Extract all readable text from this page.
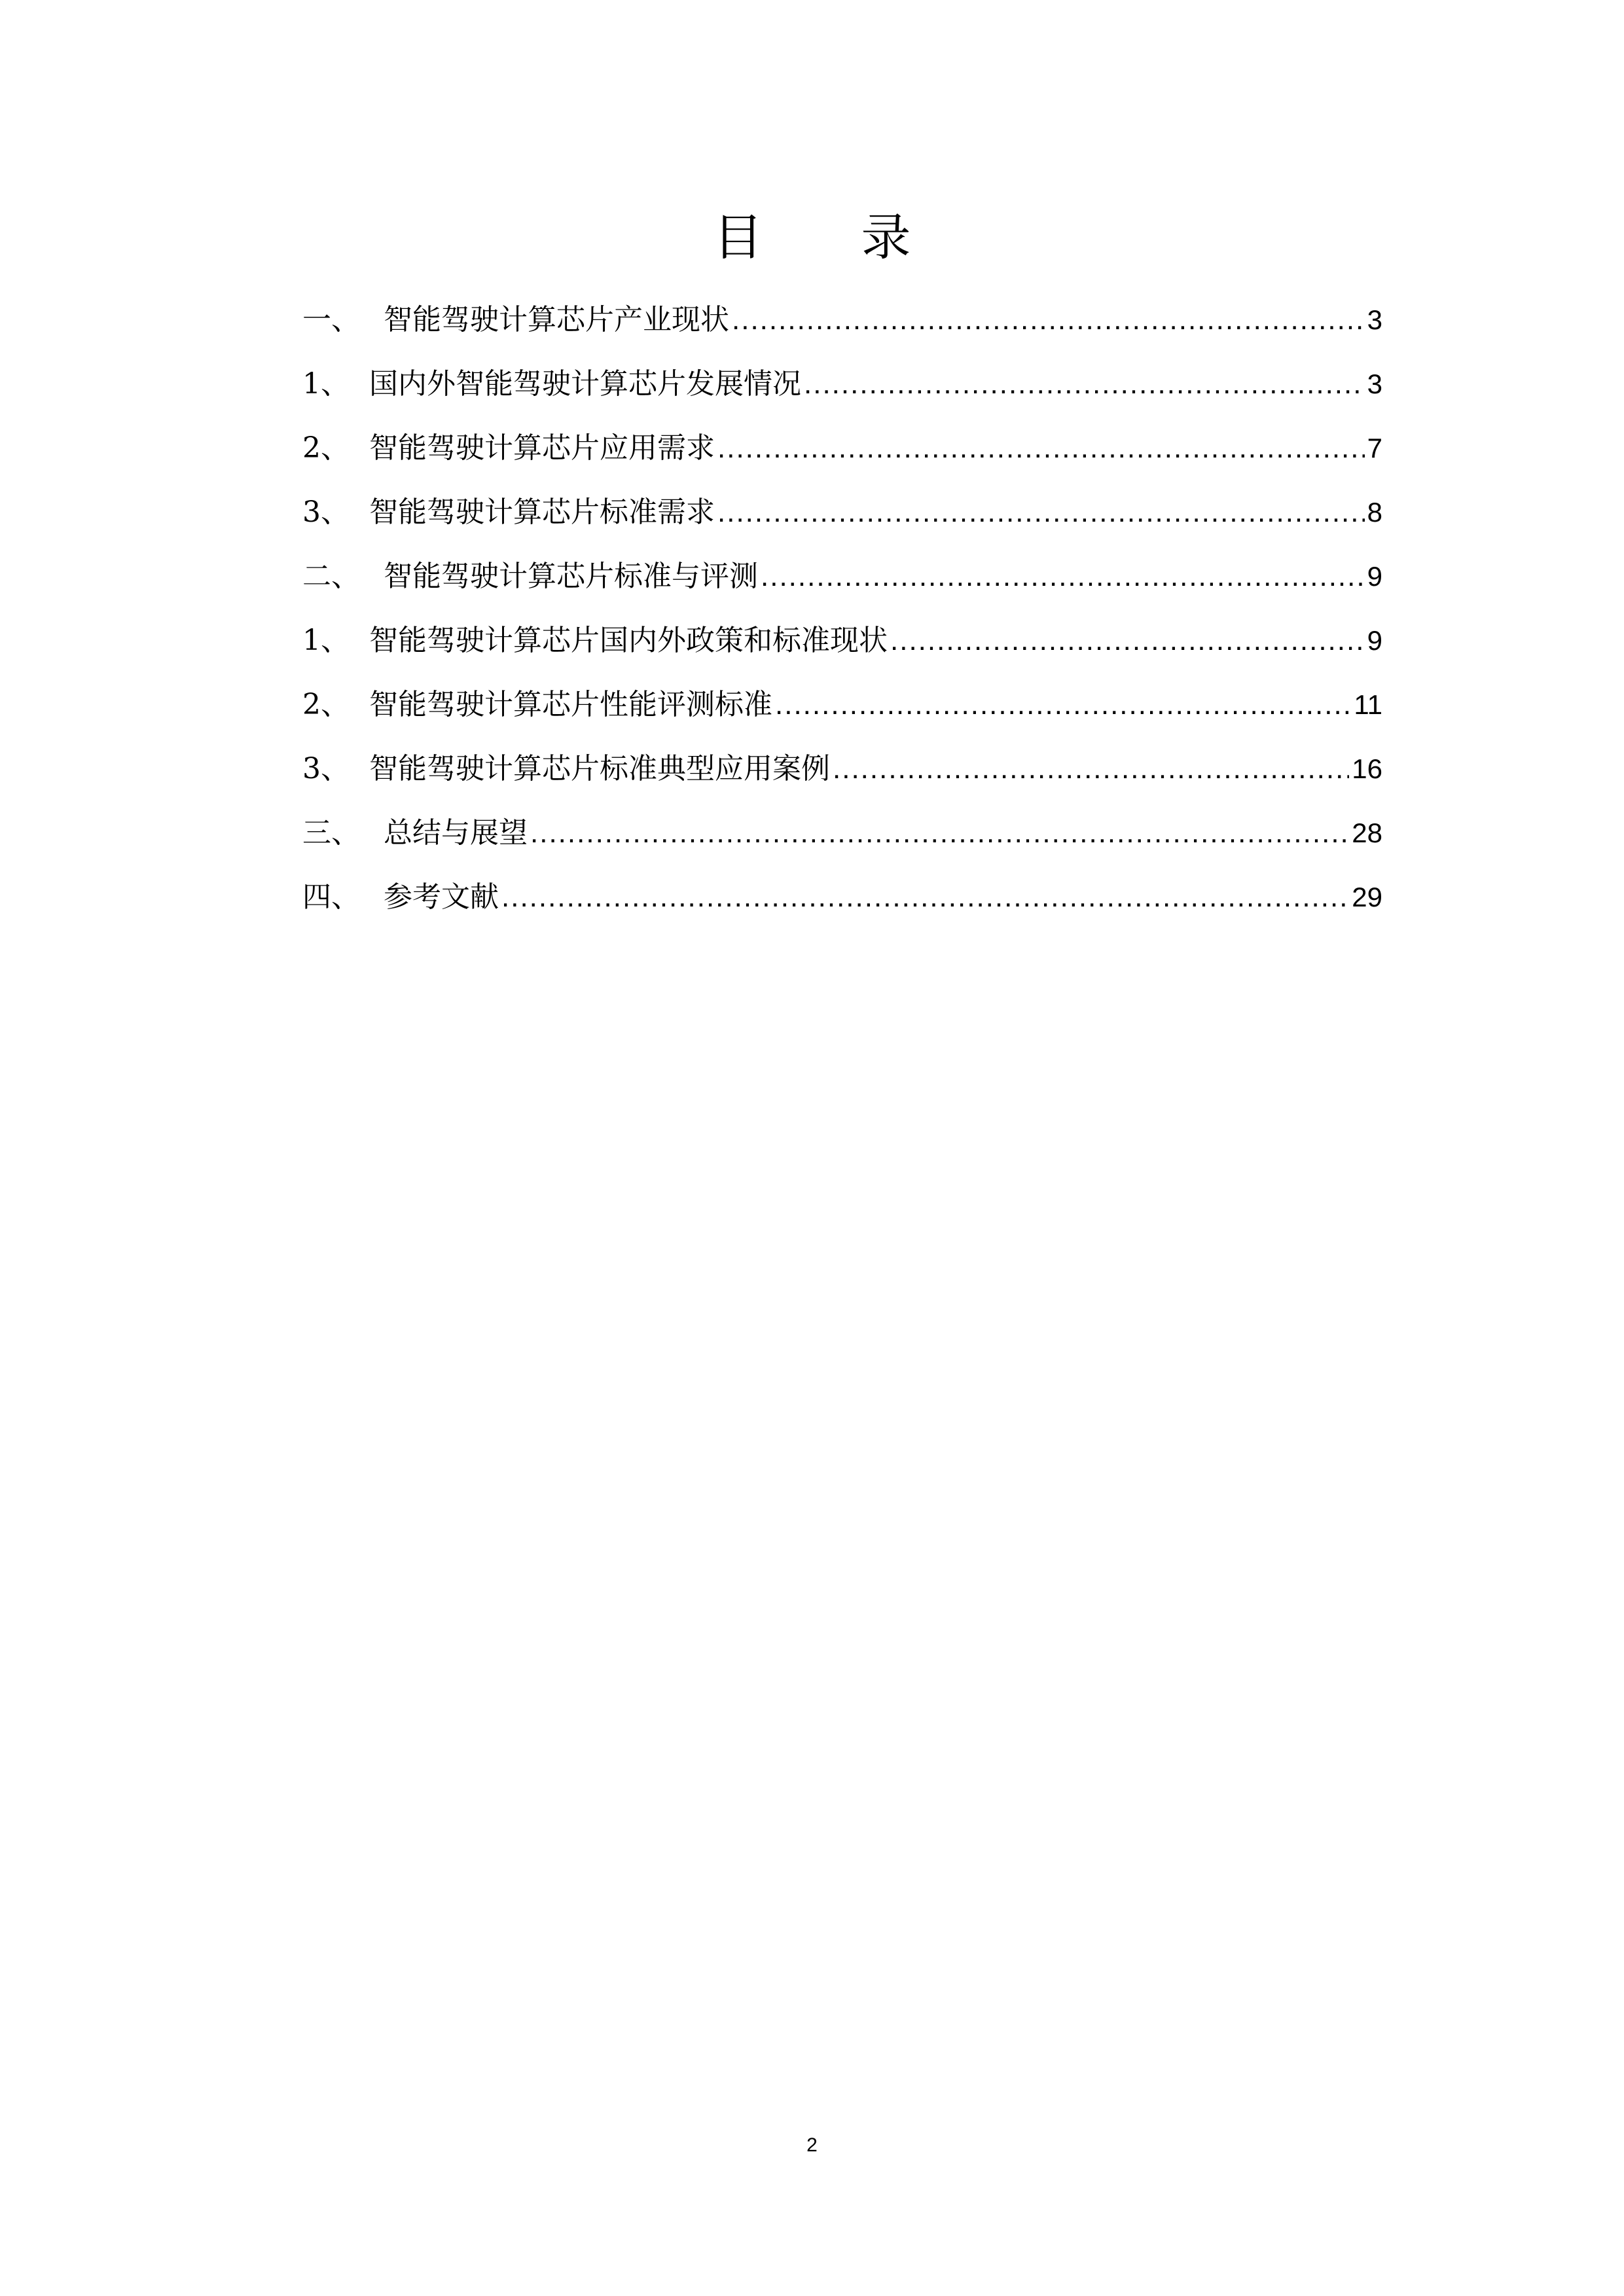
目 录
一、 智能驾驶计算芯片产业现状 .....	3
1、 国内外智能驾驶计算芯片发展情况 .....	3
2、 智能驾驶计算芯片应用需求 .....	7
3、 智能驾驶计算芯片标准需求 .....	8
二、 智能驾驶计算芯片标准与评测 .....	9
1、 智能驾驶计算芯片国内外政策和标准现状 .....	9
2、 智能驾驶计算芯片性能评测标准 .....	11
3、 智能驾驶计算芯片标准典型应用案例 .....	16
三、 总结与展望 .....	28
四、 参考文献 .....	29
2
